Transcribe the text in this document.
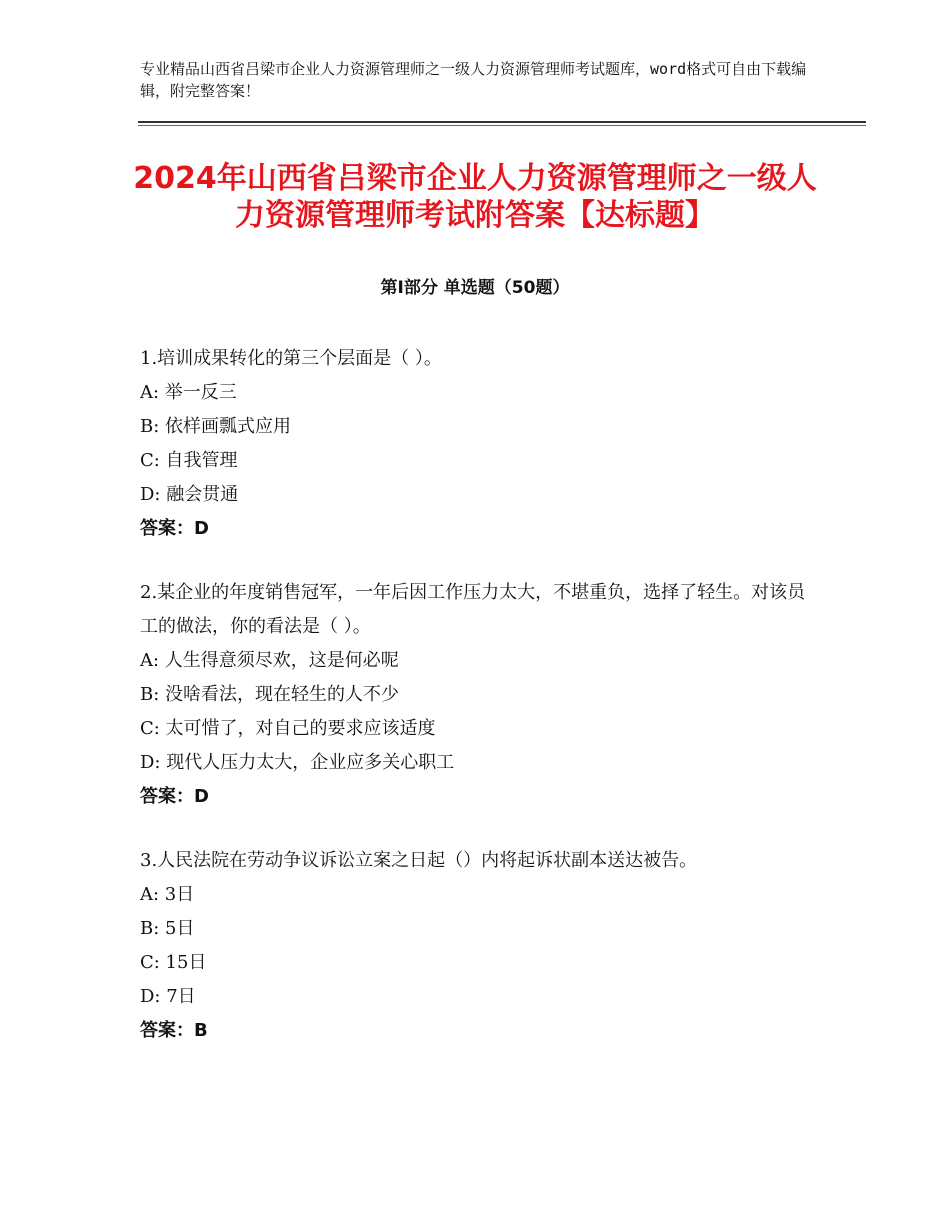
专业精品山西省吕梁市企业人力资源管理师之一级人力资源管理师考试题库，word格式可自由下载编辑，附完整答案！
2024年山西省吕梁市企业人力资源管理师之一级人力资源管理师考试附答案【达标题】
第Ⅰ部分 单选题（50题）

1.培训成果转化的第三个层面是（ ）。

A: 举一反三

B: 依样画瓢式应用

C: 自我管理

D: 融会贯通

答案：D

2.某企业的年度销售冠军，一年后因工作压力太大，不堪重负，选择了轻生。对该员工的做法，你的看法是（ ）。

A: 人生得意须尽欢，这是何必呢

B: 没啥看法，现在轻生的人不少

C: 太可惜了，对自己的要求应该适度

D: 现代人压力太大，企业应多关心职工

答案：D

3.人民法院在劳动争议诉讼立案之日起（）内将起诉状副本送达被告。

A: 3日

B: 5日

C: 15日

D: 7日

答案：B
